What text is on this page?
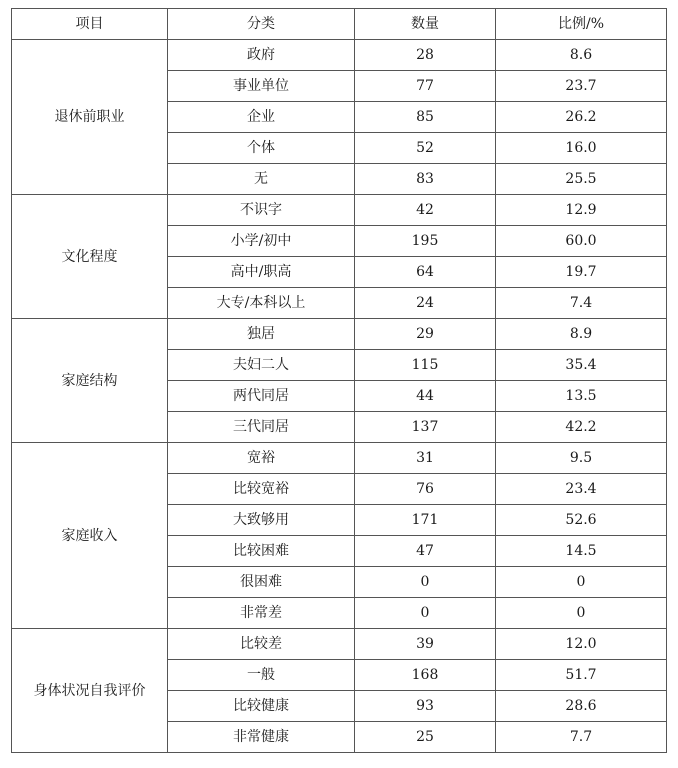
项目	分类	数量	比例/%
退休前职业	政府	28	8.6
	事业单位	77	23.7
	企业	85	26.2
	个体	52	16.0
	无	83	25.5
文化程度	不识字	42	12.9
	小学/初中	195	60.0
	高中/职高	64	19.7
	大专/本科以上	24	7.4
家庭结构	独居	29	8.9
	夫妇二人	115	35.4
	两代同居	44	13.5
	三代同居	137	42.2
家庭收入	宽裕	31	9.5
	比较宽裕	76	23.4
	大致够用	171	52.6
	比较困难	47	14.5
	很困难	0	0
	非常差	0	0
身体状况自我评价	比较差	39	12.0
	一般	168	51.7
	比较健康	93	28.6
	非常健康	25	7.7
